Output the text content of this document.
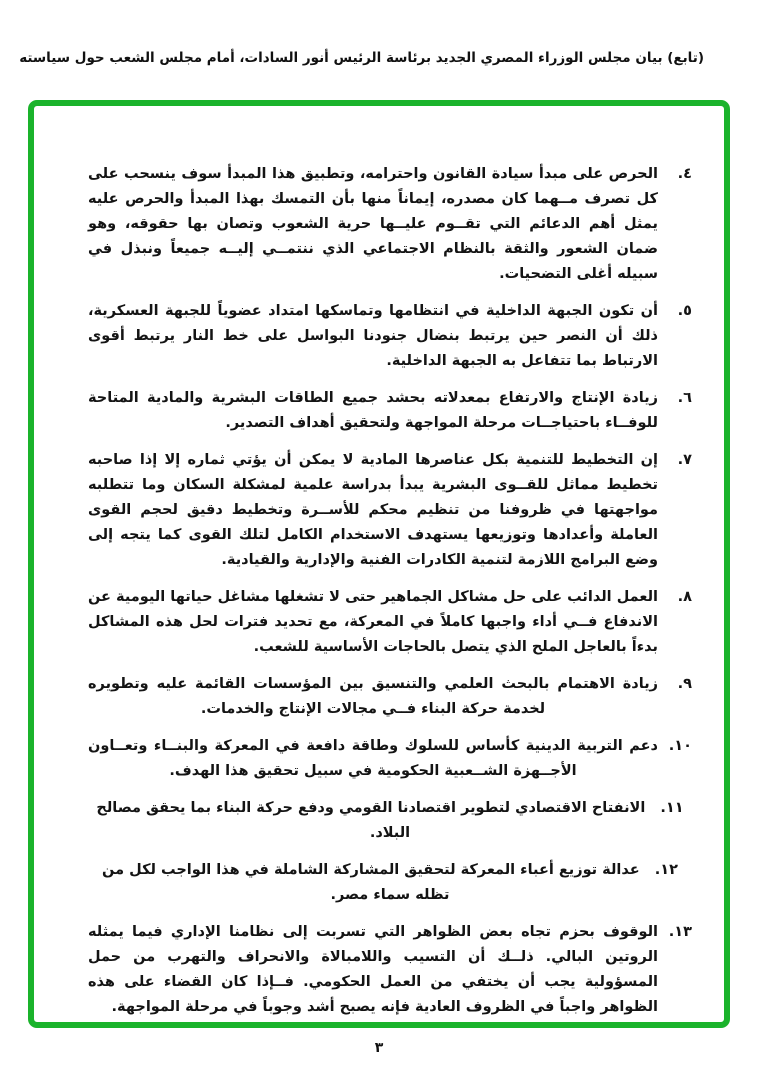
(تابع) بيان مجلس الوزراء المصري الجديد برئاسة الرئيس أنور السادات، أمام مجلس الشعب حول سياسته
٤.
الحرص على مبدأ سيادة القانون واحترامه، وتطبيق هذا المبدأ سوف ينسحب على كل تصرف مــهما كان مصدره، إيماناً منها بأن التمسك بهذا المبدأ والحرص عليه يمثل أهم الدعائم التي تقــوم عليــها حرية الشعوب وتصان بها حقوقه، وهو ضمان الشعور والثقة بالنظام الاجتماعي الذي ننتمــي إليــه جميعاً ونبذل في سبيله أغلى التضحيات.
٥.
أن تكون الجبهة الداخلية في انتظامها وتماسكها امتداد عضوياً للجبهة العسكرية، ذلك أن النصر حين يرتبط بنضال جنودنا البواسل على خط النار يرتبط أقوى الارتباط بما تتفاعل به الجبهة الداخلية.
٦.
زيادة الإنتاج والارتفاع بمعدلاته بحشد جميع الطاقات البشرية والمادية المتاحة للوفــاء باحتياجــات مرحلة المواجهة ولتحقيق أهداف التصدير.
٧.
إن التخطيط للتنمية بكل عناصرها المادية لا يمكن أن يؤتي ثماره إلا إذا صاحبه تخطيط مماثل للقــوى البشرية يبدأ بدراسة علمية لمشكلة السكان وما تتطلبه مواجهتها في ظروفنا من تنظيم محكم للأســرة وتخطيط دقيق لحجم القوى العاملة وأعدادها وتوزيعها يستهدف الاستخدام الكامل لتلك القوى كما يتجه إلى وضع البرامج اللازمة لتنمية الكادرات الفنية والإدارية والقيادية.
٨.
العمل الدائب على حل مشاكل الجماهير حتى لا تشغلها مشاغل حياتها اليومية عن الاندفاع فــي أداء واجبها كاملاً في المعركة، مع تحديد فترات لحل هذه المشاكل بدءاً بالعاجل الملح الذي يتصل بالحاجات الأساسية للشعب.
٩.
زيادة الاهتمام بالبحث العلمي والتنسيق بين المؤسسات القائمة عليه وتطويره لخدمة حركة البناء فــي مجالات الإنتاج والخدمات.
١٠.
دعم التربية الدينية كأساس للسلوك وطاقة دافعة في المعركة والبنــاء وتعــاون الأجــهزة الشــعبية الحكومية في سبيل تحقيق هذا الهدف.
١١. الانفتاح الاقتصادي لتطوير اقتصادنا القومي ودفع حركة البناء بما يحقق مصالح البلاد.
١٢. عدالة توزيع أعباء المعركة لتحقيق المشاركة الشاملة في هذا الواجب لكل من تظله سماء مصر.
١٣.
الوقوف بحزم تجاه بعض الظواهر التي تسربت إلى نظامنا الإداري فيما يمثله الروتين البالي. ذلــك أن التسيب واللامبالاة والانحراف والتهرب من حمل المسؤولية يجب أن يختفي من العمل الحكومي. فــإذا كان القضاء على هذه الظواهر واجباً في الظروف العادية فإنه يصبح أشد وجوباً في مرحلة المواجهة.

٣
